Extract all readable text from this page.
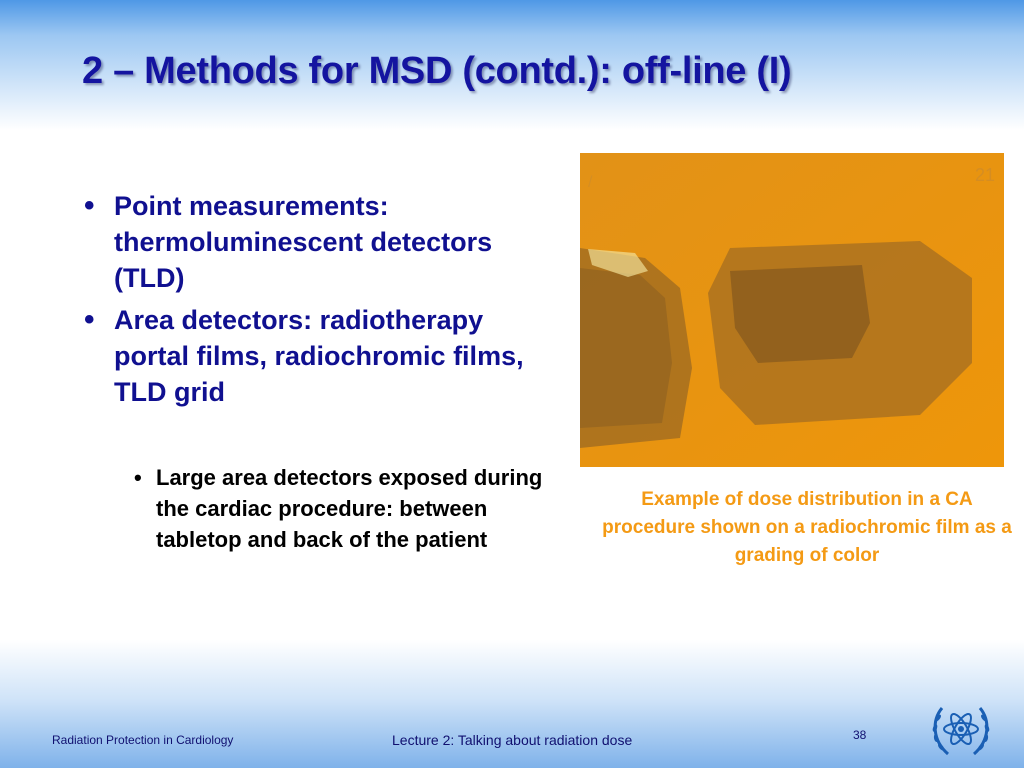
2 – Methods for MSD (contd.): off-line (I)
• Point measurements: thermoluminescent detectors (TLD)
• Area detectors: radiotherapy portal films, radiochromic films, TLD grid
• Large area detectors exposed during the cardiac procedure: between tabletop and back of the patient
21
/
Example of dose distribution in a CA procedure shown on a radiochromic film as a grading of color
Radiation Protection in Cardiology	Lecture 2: Talking about radiation dose	38
